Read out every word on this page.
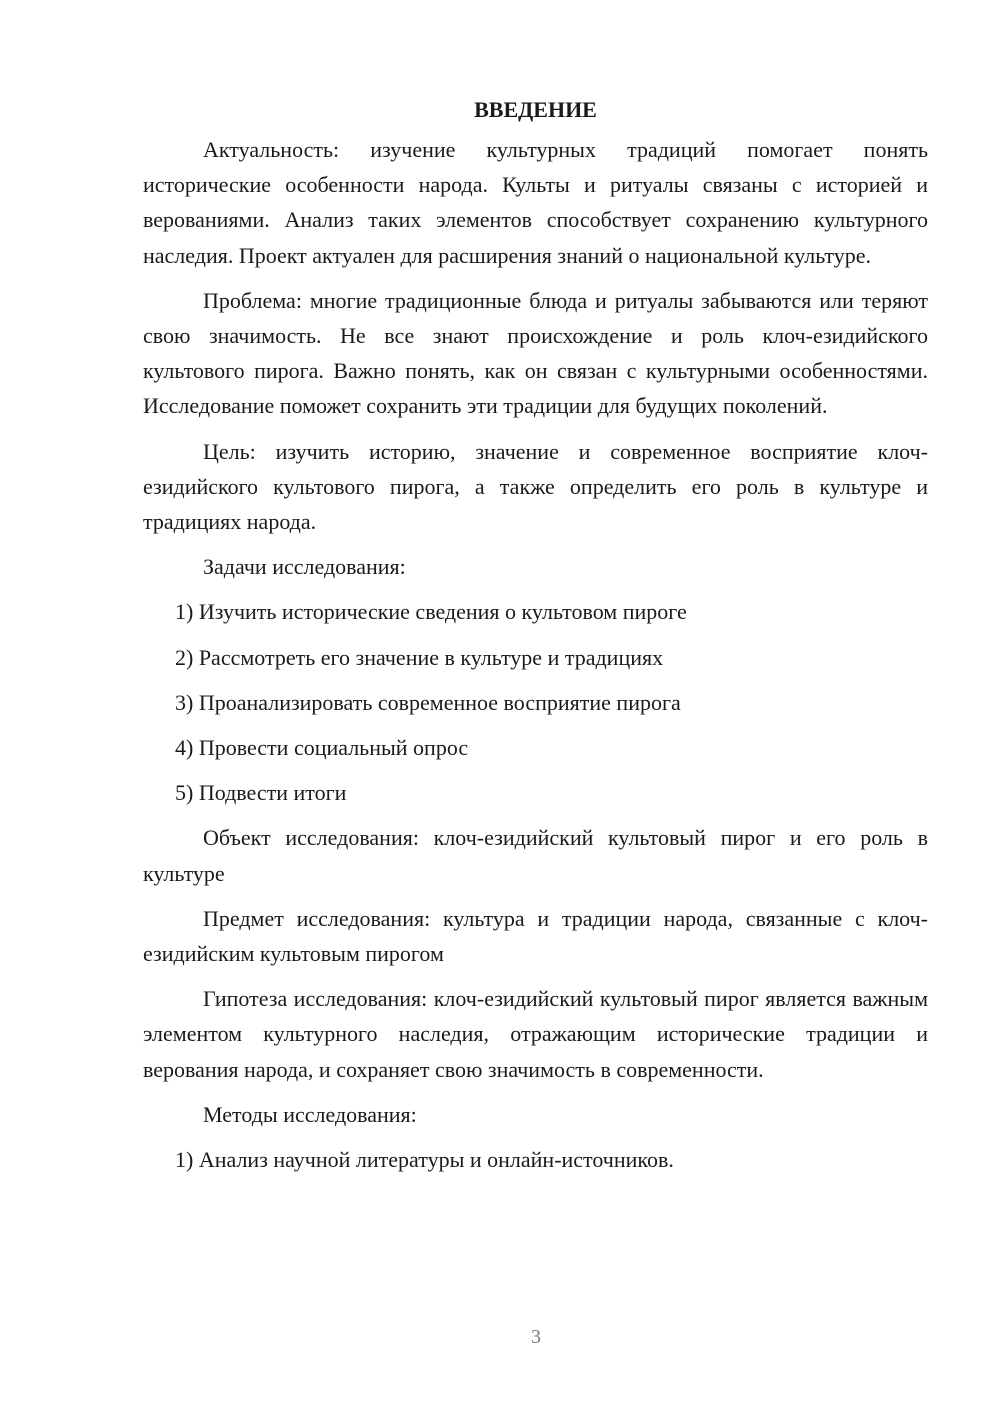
ВВЕДЕНИЕ

Актуальность: изучение культурных традиций помогает понять исторические особенности народа. Культы и ритуалы связаны с историей и верованиями. Анализ таких элементов способствует сохранению культурного наследия. Проект актуален для расширения знаний о национальной культуре.

Проблема: многие традиционные блюда и ритуалы забываются или теряют свою значимость. Не все знают происхождение и роль клоч-езидийского культового пирога. Важно понять, как он связан с культурными особенностями. Исследование поможет сохранить эти традиции для будущих поколений.

Цель: изучить историю, значение и современное восприятие клоч-езидийского культового пирога, а также определить его роль в культуре и традициях народа.

Задачи исследования:

1) Изучить исторические сведения о культовом пироге

2) Рассмотреть его значение в культуре и традициях

3) Проанализировать современное восприятие пирога

4) Провести социальный опрос

5) Подвести итоги

Объект исследования: клоч-езидийский культовый пирог и его роль в культуре

Предмет исследования: культура и традиции народа, связанные с клоч-езидийским культовым пирогом

Гипотеза исследования: клоч-езидийский культовый пирог является важным элементом культурного наследия, отражающим исторические традиции и верования народа, и сохраняет свою значимость в современности.

Методы исследования:

1) Анализ научной литературы и онлайн-источников.

3
